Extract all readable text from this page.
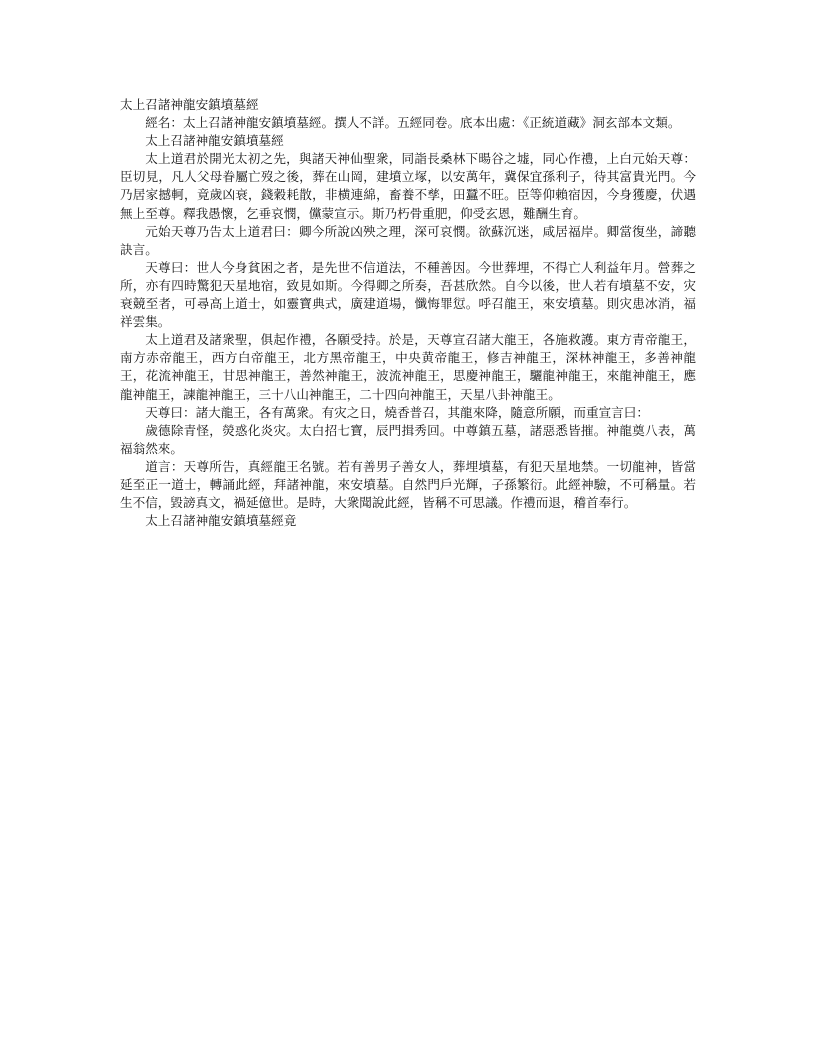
太上召諸神龍安鎮墳墓經

經名：太上召諸神龍安鎮墳墓經。撰人不詳。五經同卷。底本出處：《正統道藏》洞玄部本文類。

太上召諸神龍安鎮墳墓經

太上道君於開光太初之先，與諸天神仙聖衆，同詣長桑林下暘谷之墟，同心作禮，上白元始天尊：臣切見，凡人父母眷屬亡歿之後，葬在山岡，建墳立塚，以安萬年，冀保宜孫利子，待其富貴光門。今乃居家撼軻，竟歲凶衰，錢穀耗散，非横連綿，畜養不孳，田蠶不旺。臣等仰賴宿因，今身獲慶，伏遇無上至尊。釋我愚懷，乞垂哀憫，儻蒙宣示。斯乃朽骨重肥，仰受玄恩，難酬生育。

元始天尊乃告太上道君曰：卿今所說凶殃之理，深可哀憫。欲蘇沉迷，咸居福岸。卿當復坐，諦聽訣言。

天尊曰：世人今身貧困之者，是先世不信道法，不種善因。今世葬埋，不得亡人利益年月。營葬之所，亦有四時驚犯天星地宿，致見如斯。今得卿之所奏，吾甚欣然。自今以後，世人若有墳墓不安，灾衰競至者，可尋高上道士，如靈寶典式，廣建道場，懺悔罪愆。呼召龍王，來安墳墓。則灾患冰消，福祥雲集。

太上道君及諸衆聖，俱起作禮，各願受持。於是，天尊宣召諸大龍王，各施救護。東方青帝龍王，南方赤帝龍王，西方白帝龍王，北方黑帝龍王，中央黄帝龍王，修吉神龍王，深林神龍王，多善神龍王，花流神龍王，甘思神龍王，善然神龍王，波流神龍王，思慶神龍王，驪龍神龍王，來龍神龍王，應龍神龍王，諫龍神龍王，三十八山神龍王，二十四向神龍王，天星八卦神龍王。

天尊曰：諸大龍王，各有萬衆。有灾之日，燒香普召，其龍來降，隨意所願，而重宣言曰：

歲德除青怪，熒惑化炎灾。太白招七寶，辰門揖秀回。中尊鎮五墓，諸惡悉皆摧。神龍奠八表，萬福翁然來。

道言：天尊所告，真經龍王名號。若有善男子善女人，葬埋墳墓，有犯天星地禁。一切龍神，皆當延至正一道士，轉誦此經，拜諸神龍，來安墳墓。自然門戶光輝，子孫繁衍。此經神驗，不可稱量。若生不信，毀謗真文，禍延億世。是時，大衆聞說此經，皆稱不可思議。作禮而退，稽首奉行。

太上召諸神龍安鎮墳墓經竟
